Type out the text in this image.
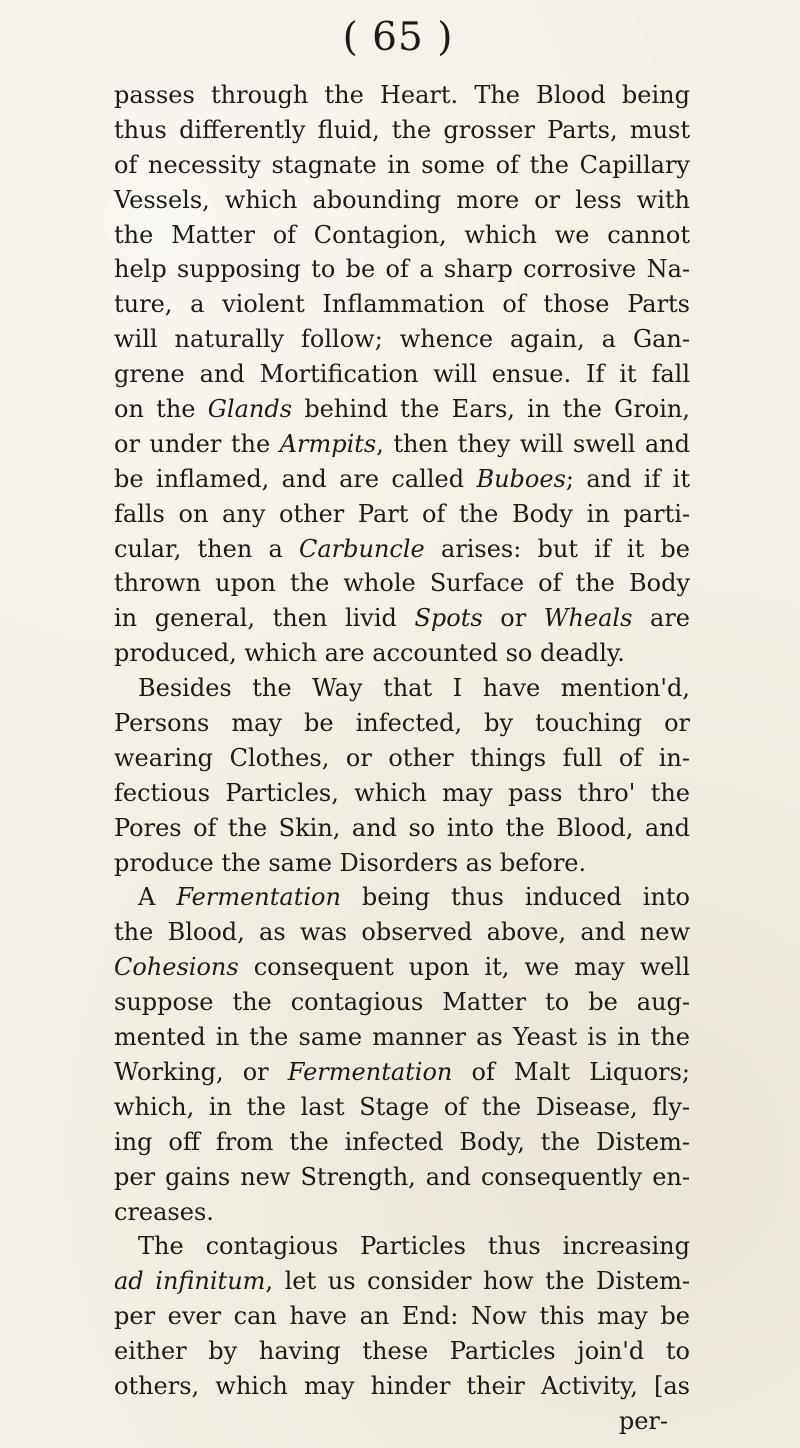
( 65 )
passes through the Heart. The Blood being
thus differently fluid, the grosser Parts, must
of necessity stagnate in some of the Capillary
Vessels, which abounding more or less with
the Matter of Contagion, which we cannot
help supposing to be of a sharp corrosive Na-
ture, a violent Inflammation of those Parts
will naturally follow; whence again, a Gan-
grene and Mortification will ensue. If it fall
on the Glands behind the Ears, in the Groin,
or under the Armpits, then they will swell and
be inflamed, and are called Buboes; and if it
falls on any other Part of the Body in parti-
cular, then a Carbuncle arises: but if it be
thrown upon the whole Surface of the Body
in general, then livid Spots or Wheals are
produced, which are accounted so deadly.
Besides the Way that I have mention'd,
Persons may be infected, by touching or
wearing Clothes, or other things full of in-
fectious Particles, which may pass thro' the
Pores of the Skin, and so into the Blood, and
produce the same Disorders as before.
A Fermentation being thus induced into
the Blood, as was observed above, and new
Cohesions consequent upon it, we may well
suppose the contagious Matter to be aug-
mented in the same manner as Yeast is in the
Working, or Fermentation of Malt Liquors;
which, in the last Stage of the Disease, fly-
ing off from the infected Body, the Distem-
per gains new Strength, and consequently en-
creases.
The contagious Particles thus increasing
ad infinitum, let us consider how the Distem-
per ever can have an End: Now this may be
either by having these Particles join'd to
others, which may hinder their Activity, [as
per-
